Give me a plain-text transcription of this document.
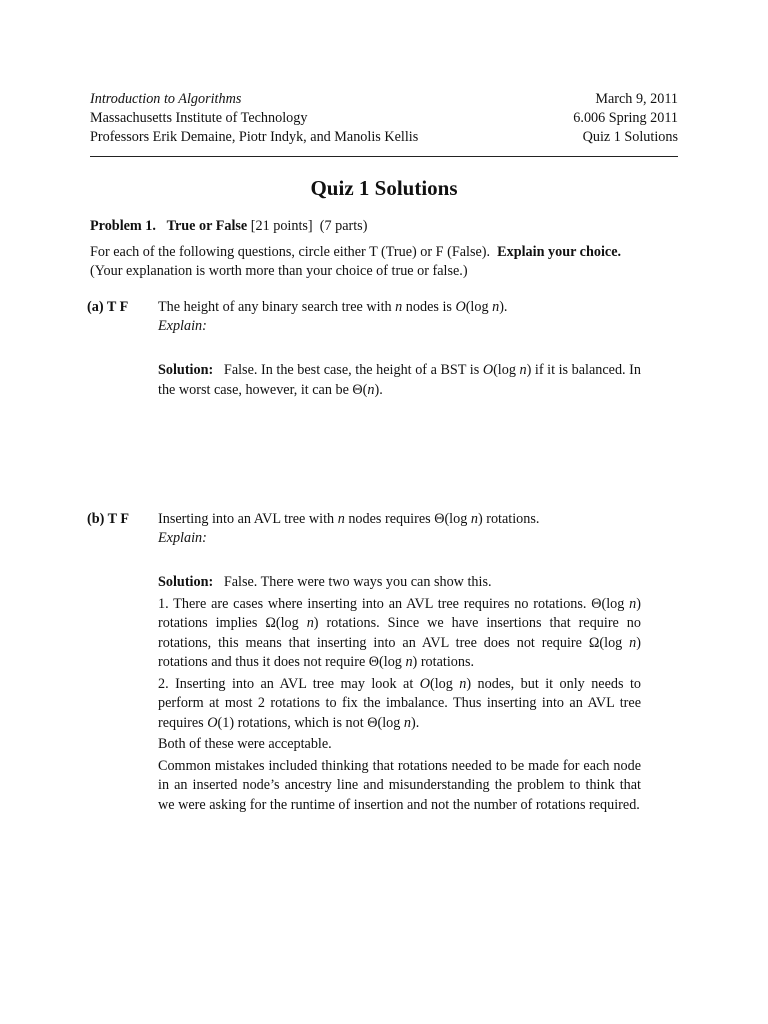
Introduction to Algorithms
Massachusetts Institute of Technology
Professors Erik Demaine, Piotr Indyk, and Manolis Kellis
March 9, 2011
6.006 Spring 2011
Quiz 1 Solutions
Quiz 1 Solutions
Problem 1. True or False [21 points] (7 parts)

For each of the following questions, circle either T (True) or F (False). Explain your choice.

(Your explanation is worth more than your choice of true or false.)

(a) T F The height of any binary search tree with n nodes is O(log n).
Explain:

Solution:   False. In the best case, the height of a BST is O(log n) if it is balanced. In the worst case, however, it can be Θ(n).

(b) T F Inserting into an AVL tree with n nodes requires Θ(log n) rotations.
Explain:

Solution:   False. There were two ways you can show this.

1. There are cases where inserting into an AVL tree requires no rotations. Θ(log n) rotations implies Ω(log n) rotations. Since we have insertions that require no rotations, this means that inserting into an AVL tree does not require Ω(log n) rotations and thus it does not require Θ(log n) rotations.

2. Inserting into an AVL tree may look at O(log n) nodes, but it only needs to perform at most 2 rotations to fix the imbalance. Thus inserting into an AVL tree requires O(1) rotations, which is not Θ(log n).

Both of these were acceptable.

Common mistakes included thinking that rotations needed to be made for each node in an inserted node’s ancestry line and misunderstanding the problem to think that we were asking for the runtime of insertion and not the number of rotations required.
